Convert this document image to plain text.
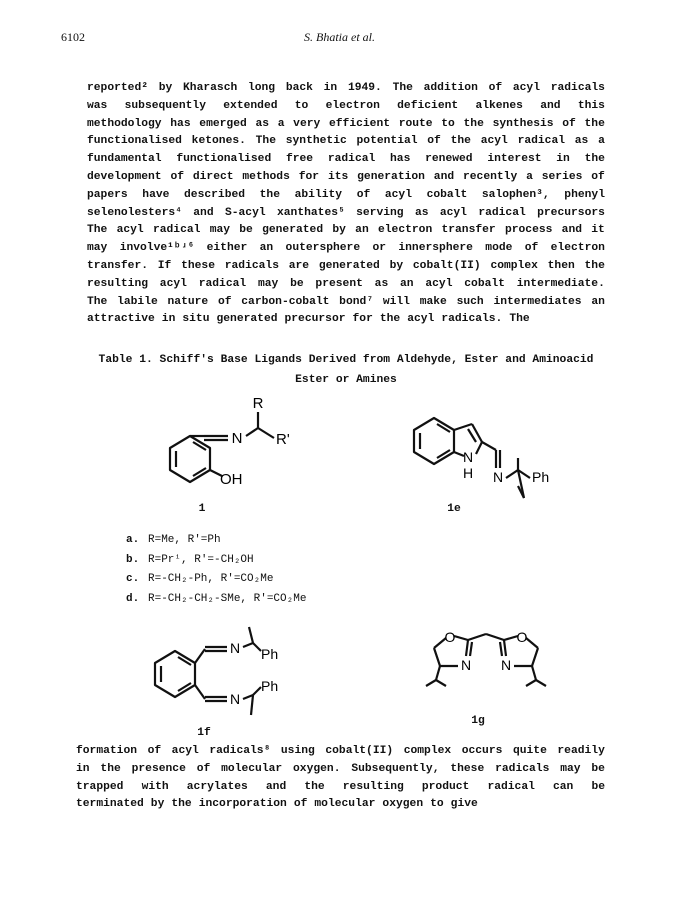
6102	S. Bhatia et al.
reported² by Kharasch long back in 1949. The addition of acyl radicals
was subsequently extended to electron deficient alkenes and this
methodology has emerged as a very efficient route to the synthesis of the
functionalised ketones. The synthetic potential of the acyl radical as a
fundamental functionalised free radical has renewed interest in the
development of direct methods for its generation and recently a series of
papers have described the ability of acyl cobalt salophen³, phenyl
selenolesters⁴ and S-acyl xanthates⁵ serving as acyl radical precursors
The acyl radical may be generated by an electron transfer process and it
may involve¹ᵇʴ⁶ either an outersphere or innersphere mode of electron
transfer. If these radicals are generated by cobalt(II) complex then the
resulting acyl radical may be present as an acyl cobalt intermediate.
The labile nature of carbon-cobalt bond⁷ will make such intermediates an
attractive in situ generated precursor for the acyl radicals. The
Table 1. Schiff's Base Ligands Derived from Aldehyde, Ester and Aminoacid
Ester or Amines
N
R
R'
OH
1
N
H N Ph
1e
a. R=Me, R'=Ph
b. R=Prⁱ, R'=-CH₂OH
c. R=-CH₂-Ph, R'=CO₂Me
d. R=-CH₂-CH₂-SMe, R'=CO₂Me
N Ph
N
Ph
1f
O	O
N N
1g
formation of acyl radicals⁸ using cobalt(II) complex occurs quite readily
in the presence of molecular oxygen. Subsequently, these radicals may be
trapped with acrylates and the resulting product radical can be
terminated by the incorporation of molecular oxygen to give
